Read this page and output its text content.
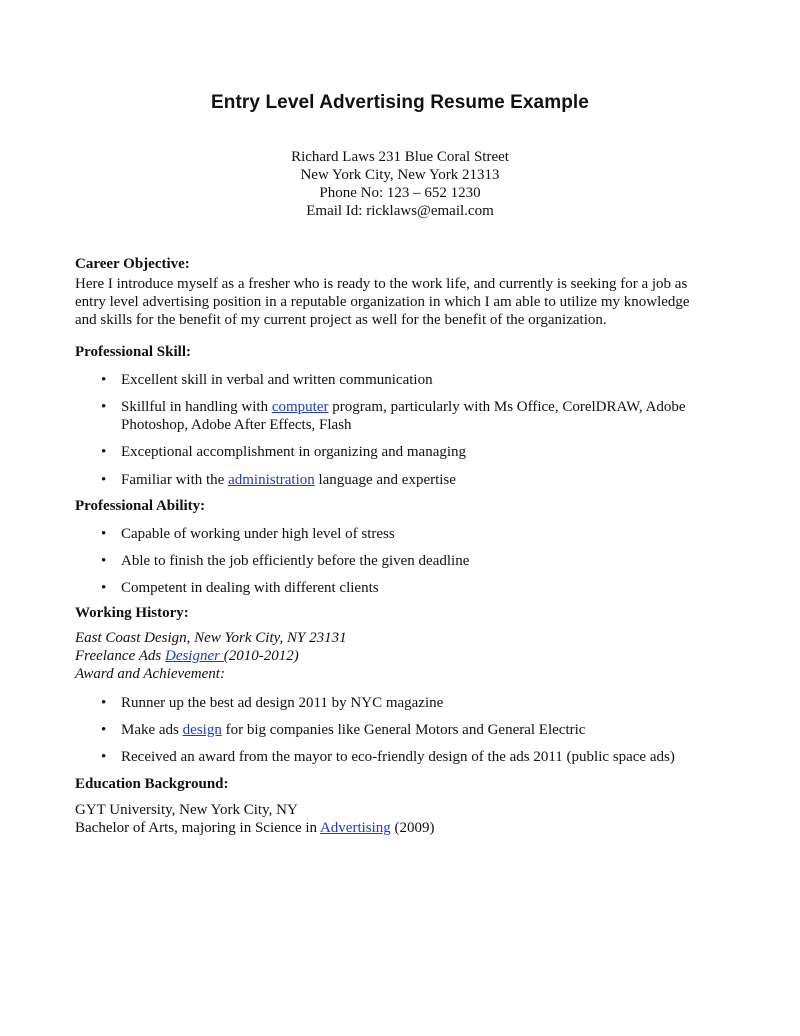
Entry Level Advertising Resume Example
Richard Laws 231 Blue Coral Street
New York City, New York 21313
Phone No: 123 – 652 1230
Email Id: ricklaws@email.com
Career Objective:
Here I introduce myself as a fresher who is ready to the work life, and currently is seeking for a job as
entry level advertising position in a reputable organization in which I am able to utilize my knowledge
and skills for the benefit of my current project as well for the benefit of the organization.
Professional Skill:
• Excellent skill in verbal and written communication
• Skillful in handling with computer program, particularly with Ms Office, CorelDRAW, Adobe
Photoshop, Adobe After Effects, Flash
• Exceptional accomplishment in organizing and managing
• Familiar with the administration language and expertise
Professional Ability:
• Capable of working under high level of stress
• Able to finish the job efficiently before the given deadline
• Competent in dealing with different clients
Working History:
East Coast Design, New York City, NY 23131
Freelance Ads Designer (2010-2012)
Award and Achievement:
• Runner up the best ad design 2011 by NYC magazine
• Make ads design for big companies like General Motors and General Electric
• Received an award from the mayor to eco-friendly design of the ads 2011 (public space ads)
Education Background:
GYT University, New York City, NY
Bachelor of Arts, majoring in Science in Advertising (2009)
